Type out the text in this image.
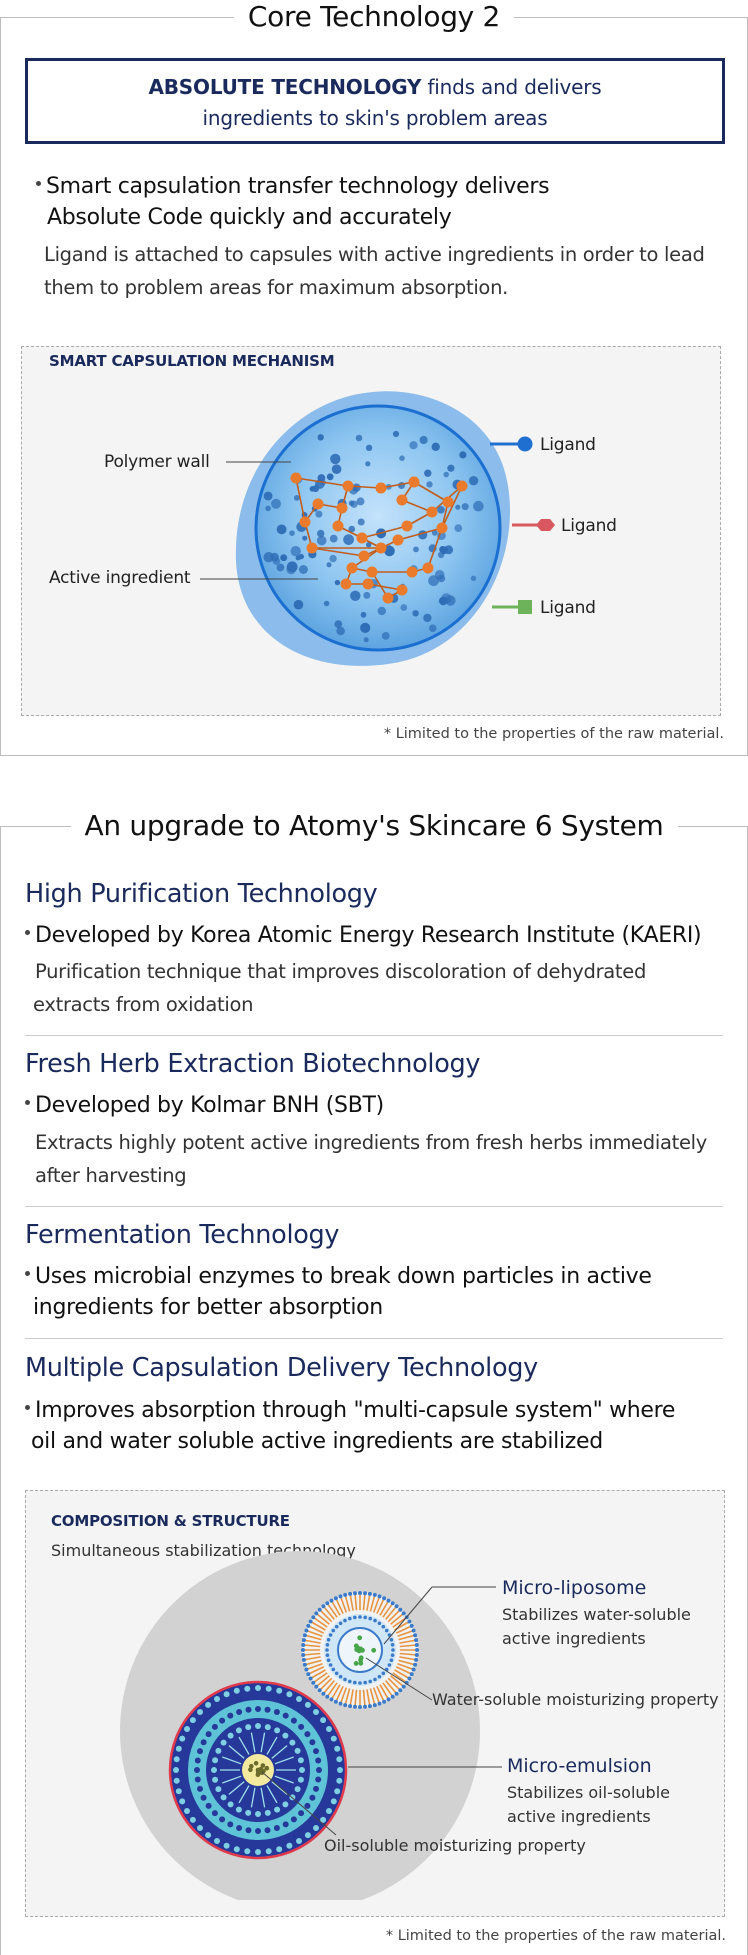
Core Technology 2
ABSOLUTE TECHNOLOGY finds and delivers
ingredients to skin's problem areas
Smart capsulation transfer technology delivers
Absolute Code quickly and accurately
Ligand is attached to capsules with active ingredients in order to lead
them to problem areas for maximum absorption.
SMART CAPSULATION MECHANISM
Polymer wall
Active ingredient
Ligand
Ligand
Ligand
* Limited to the properties of the raw material.
An upgrade to Atomy's Skincare 6 System
High Purification Technology
Developed by Korea Atomic Energy Research Institute (KAERI)
Purification technique that improves discoloration of dehydrated
extracts from oxidation
Fresh Herb Extraction Biotechnology
Developed by Kolmar BNH (SBT)
Extracts highly potent active ingredients from fresh herbs immediately
after harvesting
Fermentation Technology
Uses microbial enzymes to break down particles in active
ingredients for better absorption
Multiple Capsulation Delivery Technology
Improves absorption through "multi-capsule system" where
oil and water soluble active ingredients are stabilized
COMPOSITION & STRUCTURE
Simultaneous stabilization technology
Micro-liposome
Stabilizes water-soluble
active ingredients
Water-soluble moisturizing property
Micro-emulsion
Stabilizes oil-soluble
active ingredients
Oil-soluble moisturizing property
* Limited to the properties of the raw material.
